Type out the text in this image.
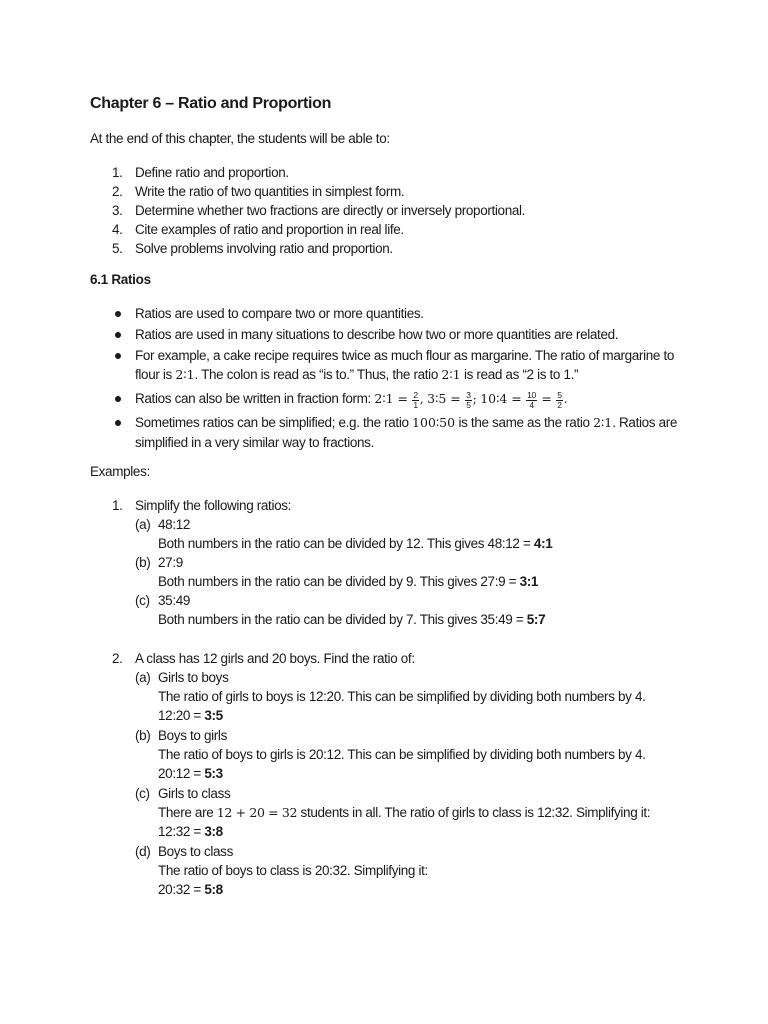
Chapter 6 – Ratio and Proportion
At the end of this chapter, the students will be able to:
1. Define ratio and proportion.
2. Write the ratio of two quantities in simplest form.
3. Determine whether two fractions are directly or inversely proportional.
4. Cite examples of ratio and proportion in real life.
5. Solve problems involving ratio and proportion.
6.1 Ratios
Ratios are used to compare two or more quantities.
Ratios are used in many situations to describe how two or more quantities are related.
For example, a cake recipe requires twice as much flour as margarine. The ratio of margarine to
flour is 2∶1. The colon is read as “is to.” Thus, the ratio 2∶1 is read as “2 is to 1.”
Ratios can also be written in fraction form: 2∶1 = $\frac{2}{1}$ , 3∶5 = $\frac{3}{5}$ ; 10∶4 = $\frac{10}{4} = \frac{5}{2}$ .
Sometimes ratios can be simplified; e.g. the ratio 100∶50 is the same as the ratio 2∶1. Ratios are
simplified in a very similar way to fractions.
Examples:
1. Simplify the following ratios:
(a) 48:12
Both numbers in the ratio can be divided by 12. This gives 48:12 = 4:1
(b) 27:9
Both numbers in the ratio can be divided by 9. This gives 27:9 = 3:1
(c) 35:49
Both numbers in the ratio can be divided by 7. This gives 35:49 = 5:7
2. A class has 12 girls and 20 boys. Find the ratio of:
(a) Girls to boys
The ratio of girls to boys is 12:20. This can be simplified by dividing both numbers by 4.
12:20 = 3:5
(b) Boys to girls
The ratio of boys to girls is 20:12. This can be simplified by dividing both numbers by 4.
20:12 = 5:3
(c) Girls to class
There are 12 + 20 = 32 students in all. The ratio of girls to class is 12:32. Simplifying it:
12:32 = 3:8
(d) Boys to class
The ratio of boys to class is 20:32. Simplifying it:
20:32 = 5:8
